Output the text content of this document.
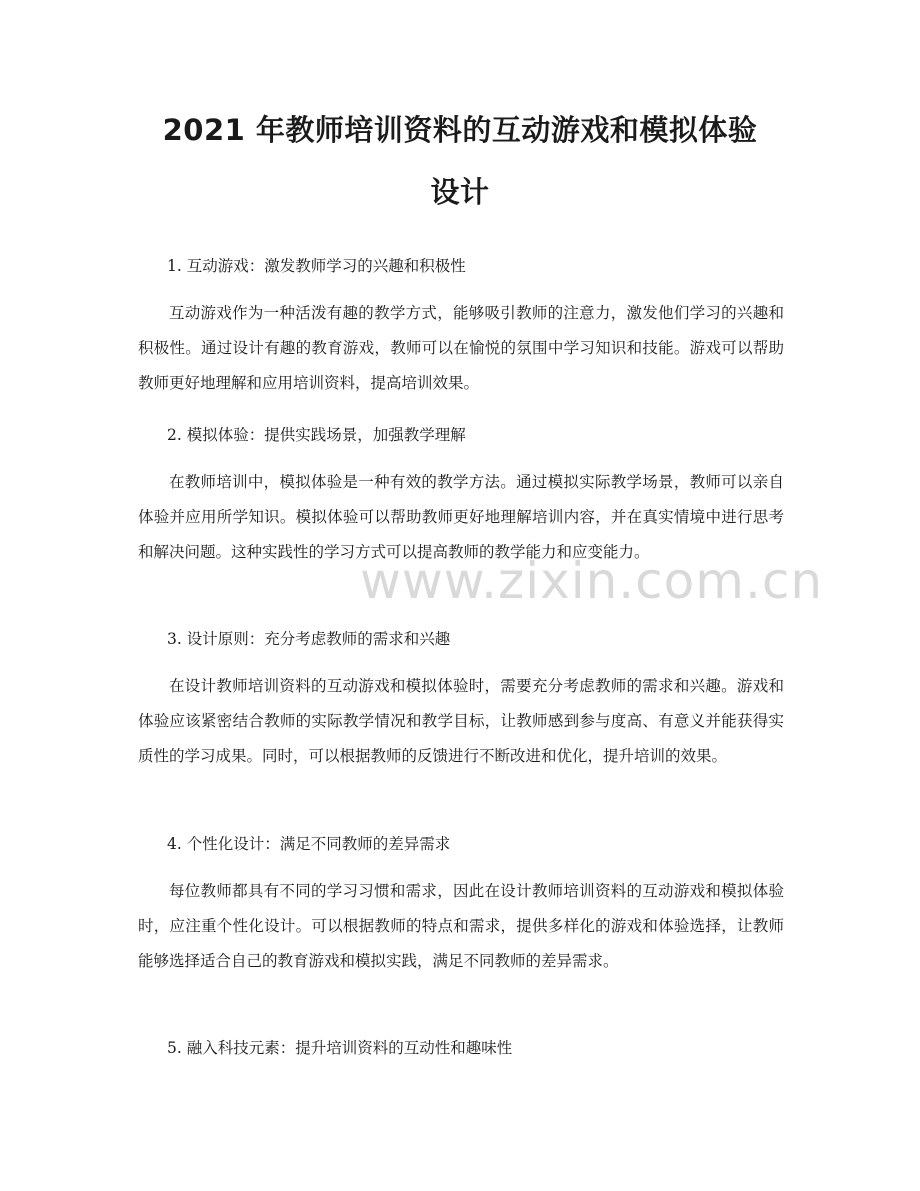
2021 年教师培训资料的互动游戏和模拟体验
设计

1. 互动游戏：激发教师学习的兴趣和积极性

互动游戏作为一种活泼有趣的教学方式，能够吸引教师的注意力，激发他们学习的兴趣和积极性。通过设计有趣的教育游戏，教师可以在愉悦的氛围中学习知识和技能。游戏可以帮助教师更好地理解和应用培训资料，提高培训效果。

2. 模拟体验：提供实践场景，加强教学理解

在教师培训中，模拟体验是一种有效的教学方法。通过模拟实际教学场景，教师可以亲自体验并应用所学知识。模拟体验可以帮助教师更好地理解培训内容，并在真实情境中进行思考和解决问题。这种实践性的学习方式可以提高教师的教学能力和应变能力。

3. 设计原则：充分考虑教师的需求和兴趣

在设计教师培训资料的互动游戏和模拟体验时，需要充分考虑教师的需求和兴趣。游戏和体验应该紧密结合教师的实际教学情况和教学目标，让教师感到参与度高、有意义并能获得实质性的学习成果。同时，可以根据教师的反馈进行不断改进和优化，提升培训的效果。

4. 个性化设计：满足不同教师的差异需求

每位教师都具有不同的学习习惯和需求，因此在设计教师培训资料的互动游戏和模拟体验时，应注重个性化设计。可以根据教师的特点和需求，提供多样化的游戏和体验选择，让教师能够选择适合自己的教育游戏和模拟实践，满足不同教师的差异需求。

5. 融入科技元素：提升培训资料的互动性和趣味性

www.zixin.com.cn
